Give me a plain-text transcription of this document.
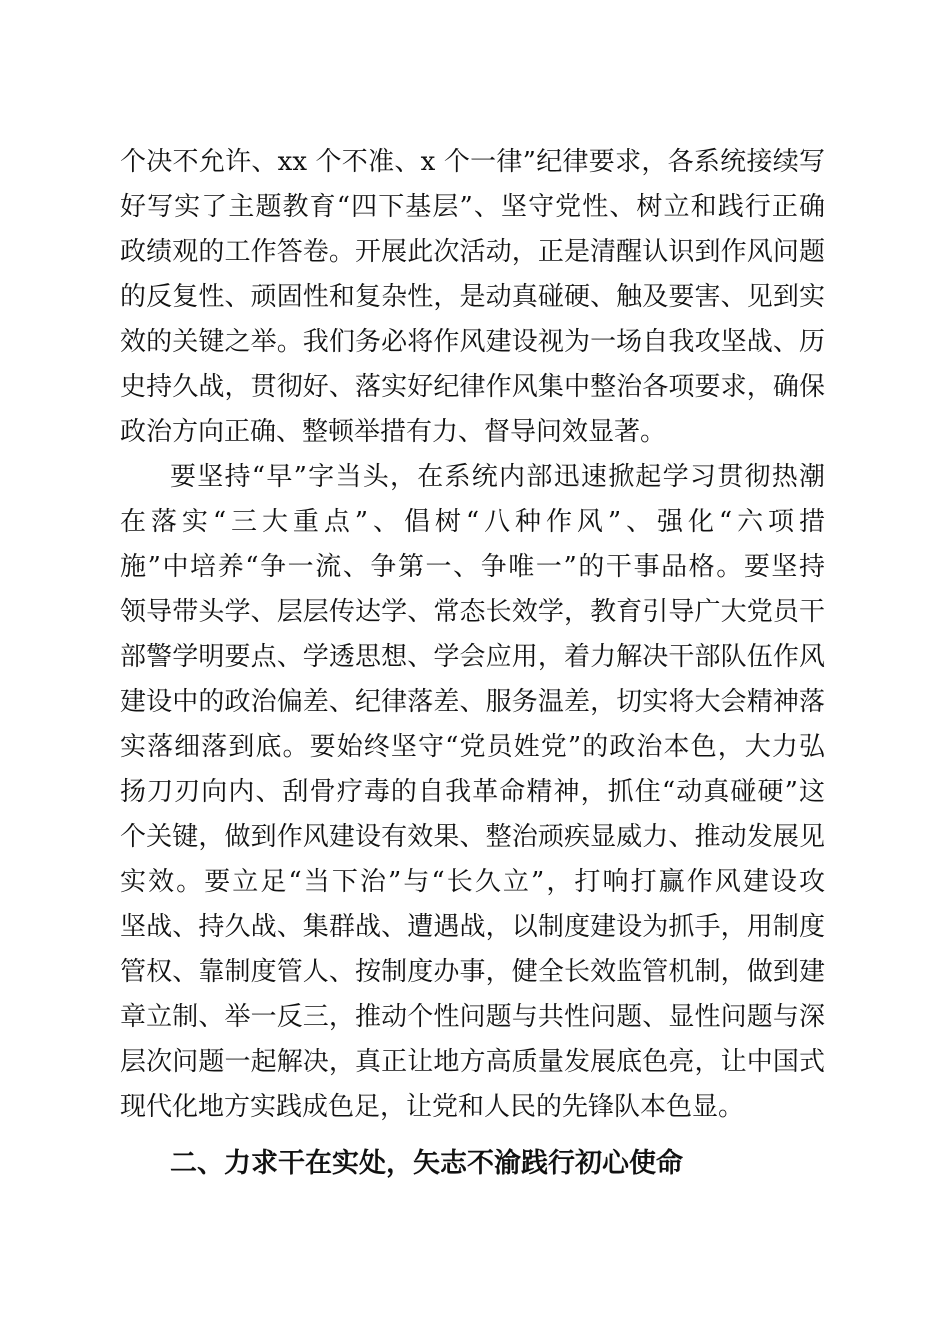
个决不允许、xx 个不准、x 个一律”纪律要求，各系统接续写
好写实了主题教育“四下基层”、坚守党性、树立和践行正确
政绩观的工作答卷。开展此次活动，正是清醒认识到作风问题
的反复性、顽固性和复杂性，是动真碰硬、触及要害、见到实
效的关键之举。我们务必将作风建设视为一场自我攻坚战、历
史持久战，贯彻好、落实好纪律作风集中整治各项要求，确保
政治方向正确、整顿举措有力、督导问效显著。
要坚持“早”字当头，在系统内部迅速掀起学习贯彻热潮
在落实“三大重点”、倡树“八种作风”、强化“六项措
施”中培养“争一流、争第一、争唯一”的干事品格。要坚持
领导带头学、层层传达学、常态长效学，教育引导广大党员干
部警学明要点、学透思想、学会应用，着力解决干部队伍作风
建设中的政治偏差、纪律落差、服务温差，切实将大会精神落
实落细落到底。要始终坚守“党员姓党”的政治本色，大力弘
扬刀刃向内、刮骨疗毒的自我革命精神，抓住“动真碰硬”这
个关键，做到作风建设有效果、整治顽疾显威力、推动发展见
实效。要立足“当下治”与“长久立”，打响打赢作风建设攻
坚战、持久战、集群战、遭遇战，以制度建设为抓手，用制度
管权、靠制度管人、按制度办事，健全长效监管机制，做到建
章立制、举一反三，推动个性问题与共性问题、显性问题与深
层次问题一起解决，真正让地方高质量发展底色亮，让中国式
现代化地方实践成色足，让党和人民的先锋队本色显。
二、力求干在实处，矢志不渝践行初心使命
